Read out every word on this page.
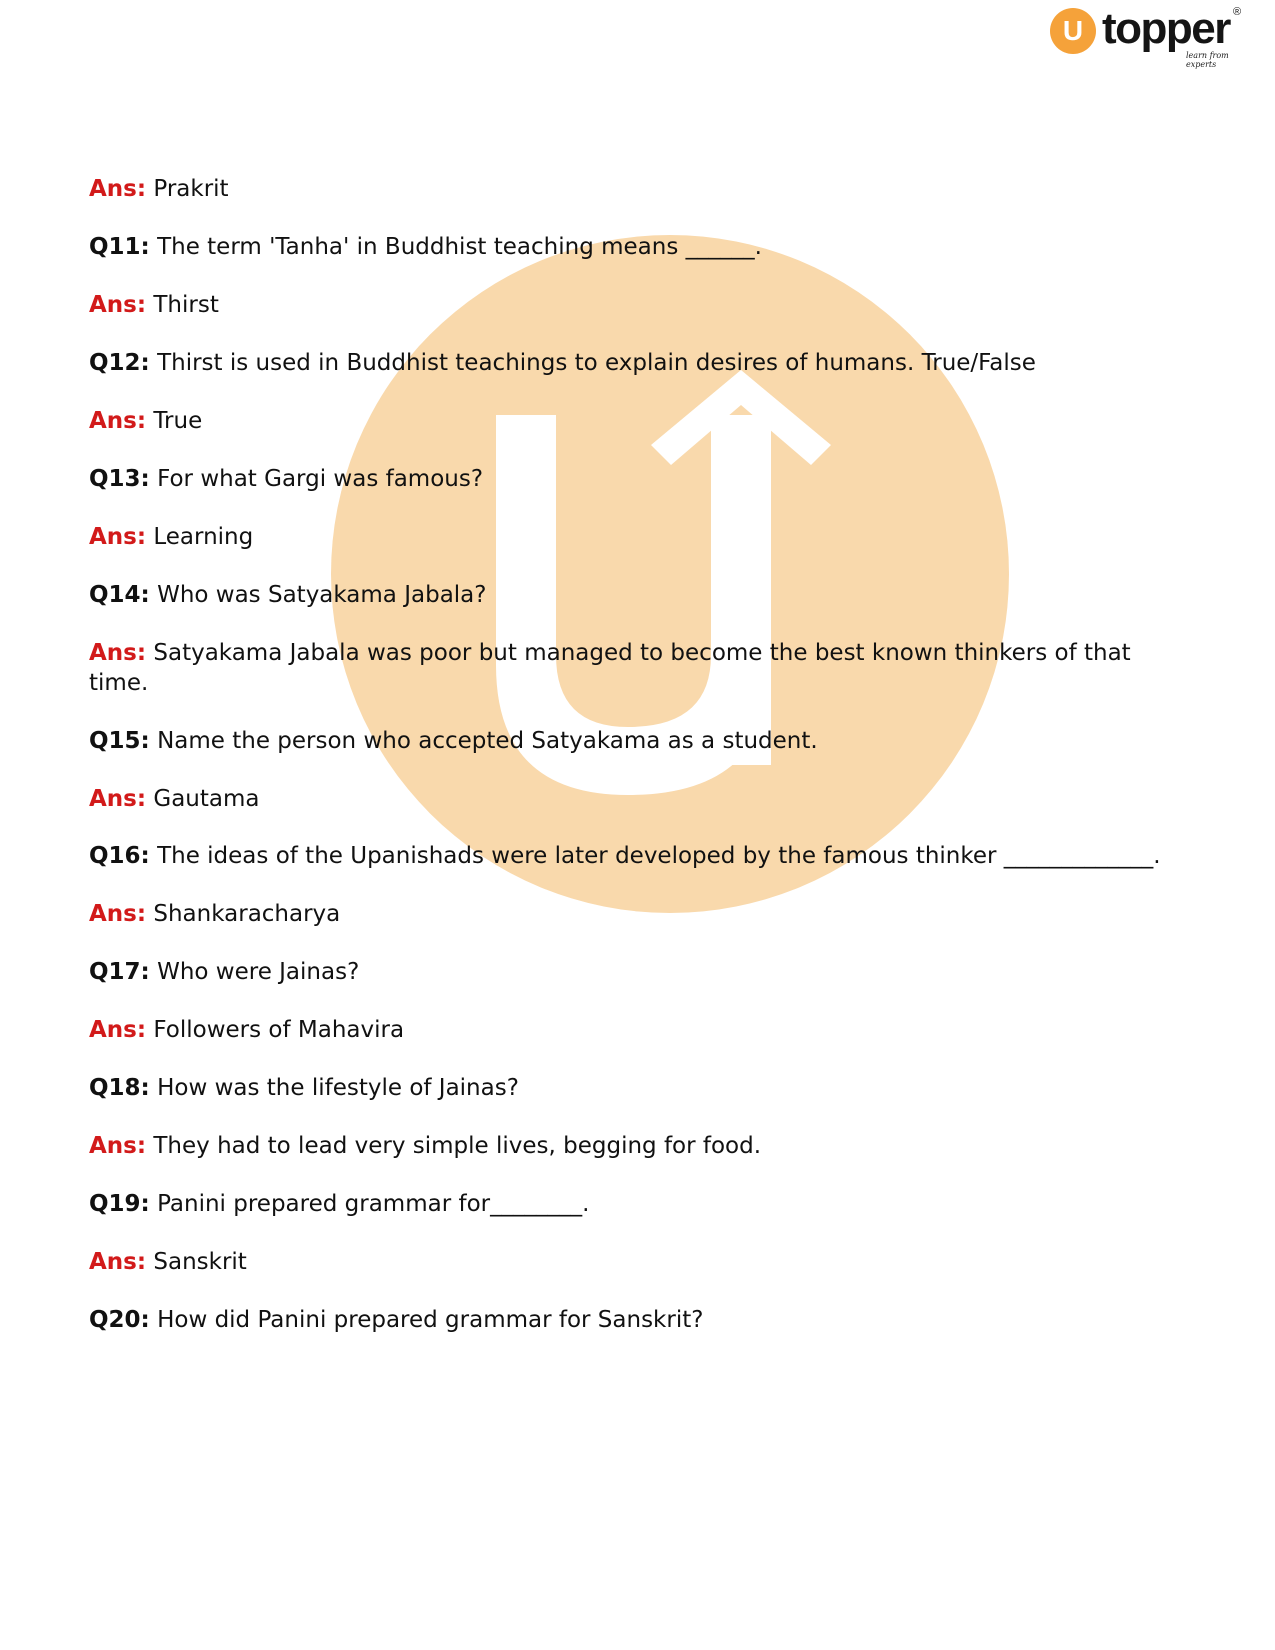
U topper ®
learn from experts

Ans: Prakrit

Q11: The term 'Tanha' in Buddhist teaching means ______.

Ans: Thirst

Q12: Thirst is used in Buddhist teachings to explain desires of humans. True/False

Ans: True

Q13: For what Gargi was famous?

Ans: Learning

Q14: Who was Satyakama Jabala?

Ans: Satyakama Jabala was poor but managed to become the best known thinkers of that time.

Q15: Name the person who accepted Satyakama as a student.

Ans: Gautama

Q16: The ideas of the Upanishads were later developed by the famous thinker _____________.

Ans: Shankaracharya

Q17: Who were Jainas?

Ans: Followers of Mahavira

Q18: How was the lifestyle of Jainas?

Ans: They had to lead very simple lives, begging for food.

Q19: Panini prepared grammar for________.

Ans: Sanskrit

Q20: How did Panini prepared grammar for Sanskrit?
